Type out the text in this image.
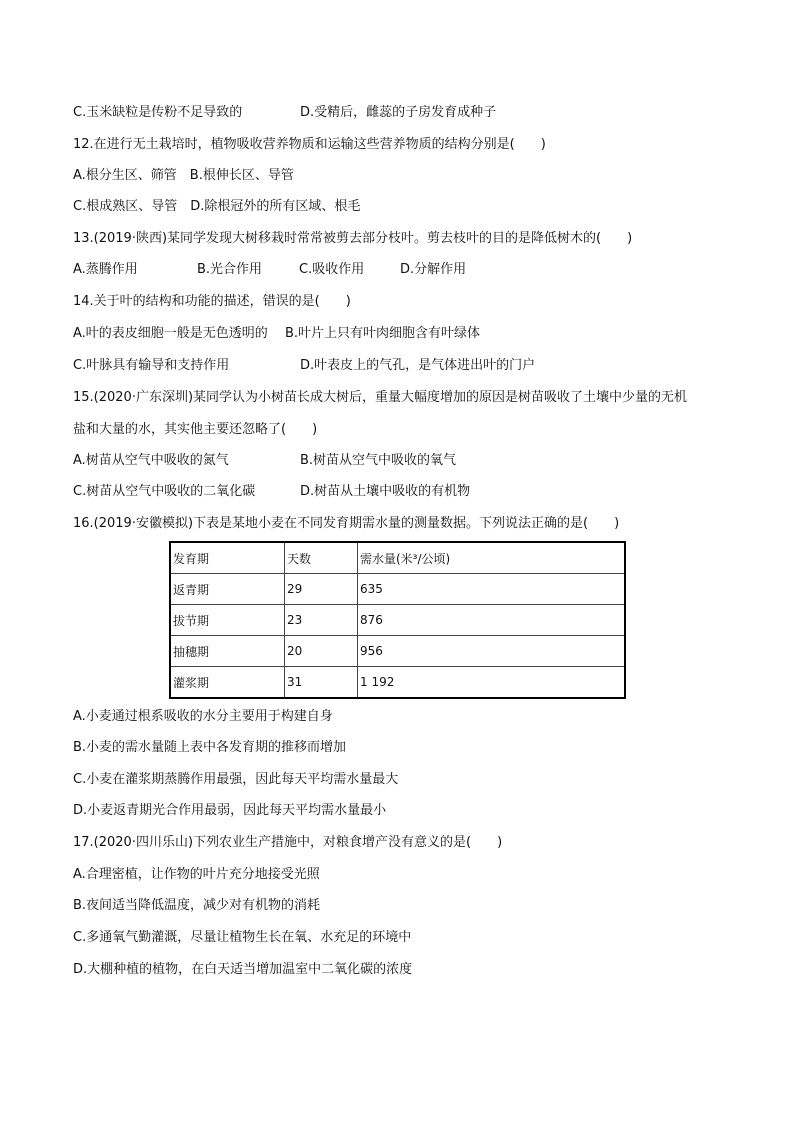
C.玉米缺粒是传粉不足导致的	D.受精后，雌蕊的子房发育成种子
12.在进行无土栽培时，植物吸收营养物质和运输这些营养物质的结构分别是(　　)
A.根分生区、筛管　B.根伸长区、导管
C.根成熟区、导管　D.除根冠外的所有区域、根毛
13.(2019·陕西)某同学发现大树移栽时常常被剪去部分枝叶。剪去枝叶的目的是降低树木的(　　)
A.蒸腾作用	B.光合作用	C.吸收作用	D.分解作用
14.关于叶的结构和功能的描述，错误的是(　　)
A.叶的表皮细胞一般是无色透明的 B.叶片上只有叶肉细胞含有叶绿体
C.叶脉具有输导和支持作用	D.叶表皮上的气孔，是气体进出叶的门户
15.(2020·广东深圳)某同学认为小树苗长成大树后，重量大幅度增加的原因是树苗吸收了土壤中少量的无机
盐和大量的水，其实他主要还忽略了(　　)
A.树苗从空气中吸收的氮气	B.树苗从空气中吸收的氧气
C.树苗从空气中吸收的二氧化碳	D.树苗从土壤中吸收的有机物
16.(2019·安徽模拟)下表是某地小麦在不同发育期需水量的测量数据。下列说法正确的是(　　)
发育期	天数	需水量(米³/公顷)
返青期	29	635
拔节期	23	876
抽穗期	20	956
灌浆期	31	1 192
A.小麦通过根系吸收的水分主要用于构建自身
B.小麦的需水量随上表中各发育期的推移而增加
C.小麦在灌浆期蒸腾作用最强，因此每天平均需水量最大
D.小麦返青期光合作用最弱，因此每天平均需水量最小
17.(2020·四川乐山)下列农业生产措施中，对粮食增产没有意义的是(　　)
A.合理密植，让作物的叶片充分地接受光照
B.夜间适当降低温度，减少对有机物的消耗
C.多通氧气勤灌溉，尽量让植物生长在氧、水充足的环境中
D.大棚种植的植物，在白天适当增加温室中二氧化碳的浓度
